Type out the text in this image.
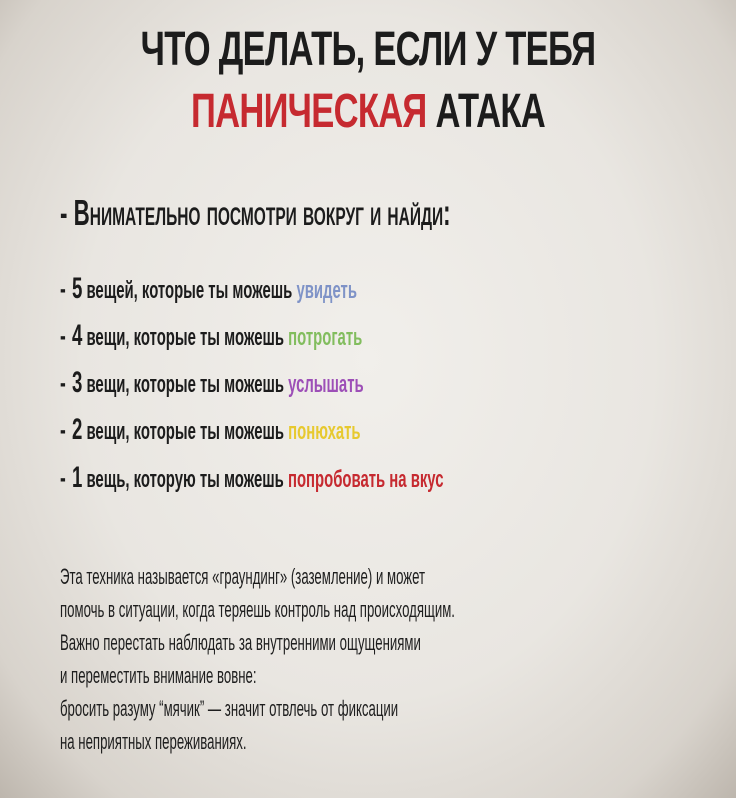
ЧТО ДЕЛАТЬ, ЕСЛИ У ТЕБЯ
ПАНИЧЕСКАЯ АТАКА
- Внимательно посмотри вокруг и найди:
- 5 вещей, которые ты можешь увидеть
- 4 вещи, которые ты можешь потрогать
- 3 вещи, которые ты можешь услышать
- 2 вещи, которые ты можешь понюхать
- 1 вещь, которую ты можешь попробовать на вкус
Эта техника называется «граундинг» (заземление) и может
помочь в ситуации, когда теряешь контроль над происходящим.
Важно перестать наблюдать за внутренними ощущениями
и переместить внимание вовне:
бросить разуму “мячик” — значит отвлечь от фиксации
на неприятных переживаниях.
